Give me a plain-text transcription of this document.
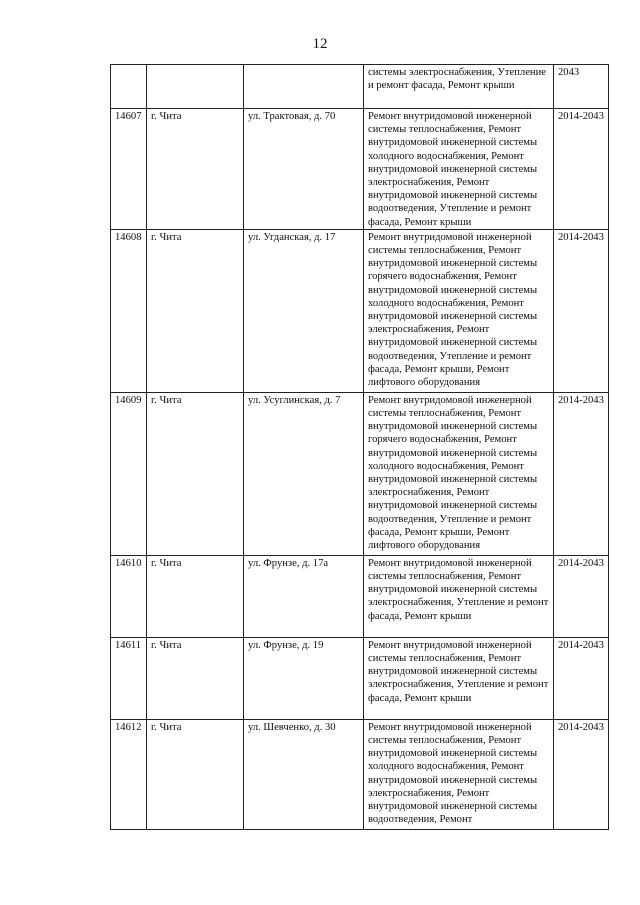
12
			системы электроснабжения, Утепление и ремонт фасада, Ремонт крыши	2043
14607	г. Чита	ул. Трактовая, д. 70	Ремонт внутридомовой инженерной системы теплоснабжения, Ремонт внутридомовой инженерной системы холодного водоснабжения, Ремонт внутридомовой инженерной системы электроснабжения, Ремонт внутридомовой инженерной системы водоотведения, Утепление и ремонт фасада, Ремонт крыши	2014-2043
14608	г. Чита	ул. Угданская, д. 17	Ремонт внутридомовой инженерной системы теплоснабжения, Ремонт внутридомовой инженерной системы горячего водоснабжения, Ремонт внутридомовой инженерной системы холодного водоснабжения, Ремонт внутридомовой инженерной системы электроснабжения, Ремонт внутридомовой инженерной системы водоотведения, Утепление и ремонт фасада, Ремонт крыши, Ремонт лифтового оборудования	2014-2043
14609	г. Чита	ул. Усуглинская, д. 7	Ремонт внутридомовой инженерной системы теплоснабжения, Ремонт внутридомовой инженерной системы горячего водоснабжения, Ремонт внутридомовой инженерной системы холодного водоснабжения, Ремонт внутридомовой инженерной системы электроснабжения, Ремонт внутридомовой инженерной системы водоотведения, Утепление и ремонт фасада, Ремонт крыши, Ремонт лифтового оборудования	2014-2043
14610	г. Чита	ул. Фрунзе, д. 17а	Ремонт внутридомовой инженерной системы теплоснабжения, Ремонт внутридомовой инженерной системы электроснабжения, Утепление и ремонт фасада, Ремонт крыши	2014-2043
14611	г. Чита	ул. Фрунзе, д. 19	Ремонт внутридомовой инженерной системы теплоснабжения, Ремонт внутридомовой инженерной системы электроснабжения, Утепление и ремонт фасада, Ремонт крыши	2014-2043
14612	г. Чита	ул. Шевченко, д. 30	Ремонт внутридомовой инженерной системы теплоснабжения, Ремонт внутридомовой инженерной системы холодного водоснабжения, Ремонт внутридомовой инженерной системы электроснабжения, Ремонт внутридомовой инженерной системы водоотведения, Ремонт	2014-2043
